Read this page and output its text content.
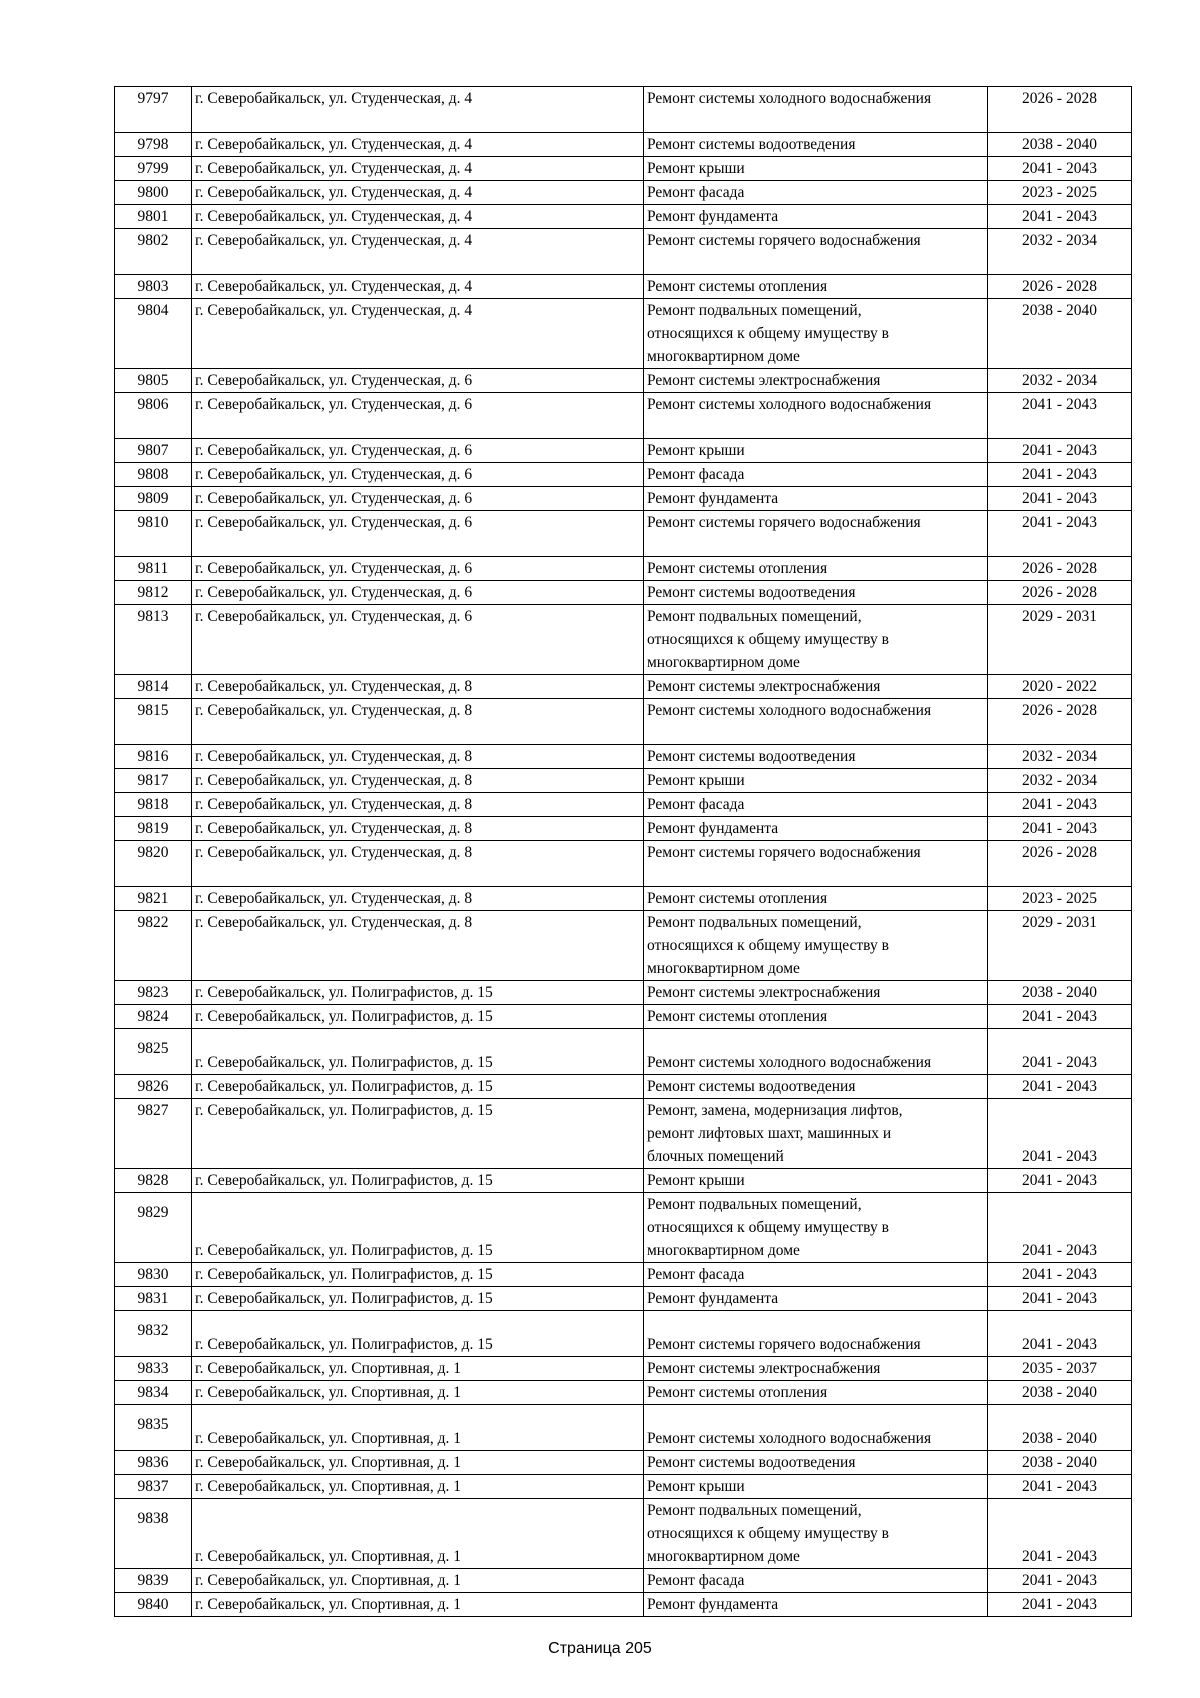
9797	г. Северобайкальск, ул. Студенческая, д. 4	Ремонт системы холодного водоснабжения	2026 - 2028
9798	г. Северобайкальск, ул. Студенческая, д. 4	Ремонт системы водоотведения	2038 - 2040
9799	г. Северобайкальск, ул. Студенческая, д. 4	Ремонт крыши	2041 - 2043
9800	г. Северобайкальск, ул. Студенческая, д. 4	Ремонт фасада	2023 - 2025
9801	г. Северобайкальск, ул. Студенческая, д. 4	Ремонт фундамента	2041 - 2043
9802	г. Северобайкальск, ул. Студенческая, д. 4	Ремонт системы горячего водоснабжения	2032 - 2034
9803	г. Северобайкальск, ул. Студенческая, д. 4	Ремонт системы отопления	2026 - 2028
9804	г. Северобайкальск, ул. Студенческая, д. 4	Ремонт подвальных помещений,
относящихся к общему имуществу в
многоквартирном доме	2038 - 2040
9805	г. Северобайкальск, ул. Студенческая, д. 6	Ремонт системы электроснабжения	2032 - 2034
9806	г. Северобайкальск, ул. Студенческая, д. 6	Ремонт системы холодного водоснабжения	2041 - 2043
9807	г. Северобайкальск, ул. Студенческая, д. 6	Ремонт крыши	2041 - 2043
9808	г. Северобайкальск, ул. Студенческая, д. 6	Ремонт фасада	2041 - 2043
9809	г. Северобайкальск, ул. Студенческая, д. 6	Ремонт фундамента	2041 - 2043
9810	г. Северобайкальск, ул. Студенческая, д. 6	Ремонт системы горячего водоснабжения	2041 - 2043
9811	г. Северобайкальск, ул. Студенческая, д. 6	Ремонт системы отопления	2026 - 2028
9812	г. Северобайкальск, ул. Студенческая, д. 6	Ремонт системы водоотведения	2026 - 2028
9813	г. Северобайкальск, ул. Студенческая, д. 6	Ремонт подвальных помещений,
относящихся к общему имуществу в
многоквартирном доме	2029 - 2031
9814	г. Северобайкальск, ул. Студенческая, д. 8	Ремонт системы электроснабжения	2020 - 2022
9815	г. Северобайкальск, ул. Студенческая, д. 8	Ремонт системы холодного водоснабжения	2026 - 2028
9816	г. Северобайкальск, ул. Студенческая, д. 8	Ремонт системы водоотведения	2032 - 2034
9817	г. Северобайкальск, ул. Студенческая, д. 8	Ремонт крыши	2032 - 2034
9818	г. Северобайкальск, ул. Студенческая, д. 8	Ремонт фасада	2041 - 2043
9819	г. Северобайкальск, ул. Студенческая, д. 8	Ремонт фундамента	2041 - 2043
9820	г. Северобайкальск, ул. Студенческая, д. 8	Ремонт системы горячего водоснабжения	2026 - 2028
9821	г. Северобайкальск, ул. Студенческая, д. 8	Ремонт системы отопления	2023 - 2025
9822	г. Северобайкальск, ул. Студенческая, д. 8	Ремонт подвальных помещений,
относящихся к общему имуществу в
многоквартирном доме	2029 - 2031
9823	г. Северобайкальск, ул. Полиграфистов, д. 15	Ремонт системы электроснабжения	2038 - 2040
9824	г. Северобайкальск, ул. Полиграфистов, д. 15	Ремонт системы отопления	2041 - 2043
9825	г. Северобайкальск, ул. Полиграфистов, д. 15	Ремонт системы холодного водоснабжения	2041 - 2043
9826	г. Северобайкальск, ул. Полиграфистов, д. 15	Ремонт системы водоотведения	2041 - 2043
9827	г. Северобайкальск, ул. Полиграфистов, д. 15	Ремонт, замена, модернизация лифтов,
ремонт лифтовых шахт, машинных и
блочных помещений	2041 - 2043
9828	г. Северобайкальск, ул. Полиграфистов, д. 15	Ремонт крыши	2041 - 2043
9829	г. Северобайкальск, ул. Полиграфистов, д. 15	Ремонт подвальных помещений,
относящихся к общему имуществу в
многоквартирном доме	2041 - 2043
9830	г. Северобайкальск, ул. Полиграфистов, д. 15	Ремонт фасада	2041 - 2043
9831	г. Северобайкальск, ул. Полиграфистов, д. 15	Ремонт фундамента	2041 - 2043
9832	г. Северобайкальск, ул. Полиграфистов, д. 15	Ремонт системы горячего водоснабжения	2041 - 2043
9833	г. Северобайкальск, ул. Спортивная, д. 1	Ремонт системы электроснабжения	2035 - 2037
9834	г. Северобайкальск, ул. Спортивная, д. 1	Ремонт системы отопления	2038 - 2040
9835	г. Северобайкальск, ул. Спортивная, д. 1	Ремонт системы холодного водоснабжения	2038 - 2040
9836	г. Северобайкальск, ул. Спортивная, д. 1	Ремонт системы водоотведения	2038 - 2040
9837	г. Северобайкальск, ул. Спортивная, д. 1	Ремонт крыши	2041 - 2043
9838	г. Северобайкальск, ул. Спортивная, д. 1	Ремонт подвальных помещений,
относящихся к общему имуществу в
многоквартирном доме	2041 - 2043
9839	г. Северобайкальск, ул. Спортивная, д. 1	Ремонт фасада	2041 - 2043
9840	г. Северобайкальск, ул. Спортивная, д. 1	Ремонт фундамента	2041 - 2043
Страница 205
